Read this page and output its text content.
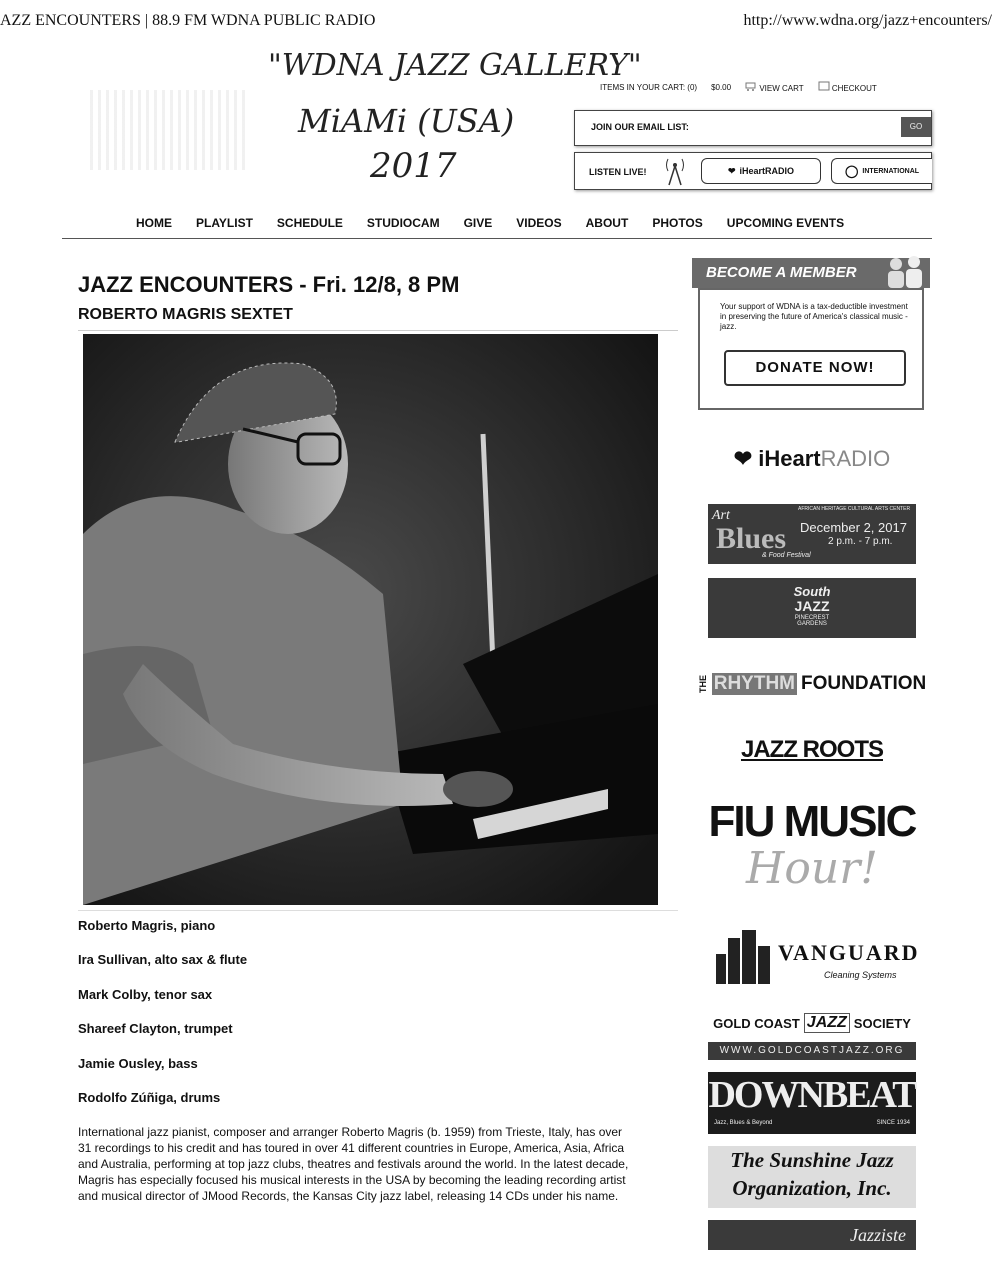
AZZ ENCOUNTERS | 88.9 FM WDNA PUBLIC RADIO	http://www.wdna.org/jazz+encounters/
"WDNA JAZZ GALLERY"
MiAMi (USA)
2017
ITEMS IN YOUR CART: (0) $0.00	VIEW CART	CHECKOUT
JOIN OUR EMAIL LIST:	GO
LISTEN LIVE!	❤ iHeartRADIO	◯ INTERNATIONAL
HOME PLAYLIST SCHEDULE STUDIOCAM GIVE VIDEOS ABOUT PHOTOS UPCOMING EVENTS
JAZZ ENCOUNTERS - Fri. 12/8, 8 PM
ROBERTO MAGRIS SEXTET
Roberto Magris, piano
Ira Sullivan, alto sax & flute
Mark Colby, tenor sax
Shareef Clayton, trumpet
Jamie Ousley, bass
Rodolfo Zúñiga, drums
International jazz pianist, composer and arranger Roberto Magris (b. 1959) from Trieste, Italy, has over 31 recordings to his credit and has toured in over 41 different countries in Europe, America, Asia, Africa and Australia, performing at top jazz clubs, theatres and festivals around the world. In the latest decade, Magris has especially focused his musical interests in the USA by becoming the leading recording artist and musical director of JMood Records, the Kansas City jazz label, releasing 14 CDs under his name.
BECOME A MEMBER
Your support of WDNA is a tax-deductible investment in preserving the future of America's classical music - jazz.
DONATE NOW!
❤ iHeartRADIO
AFRICAN HERITAGE CULTURAL ARTS CENTER
Art
Blues
& Food Festival
December 2, 2017
2 p.m. - 7 p.m.
South
JAZZ
PINECREST GARDENS
THE RHYTHM FOUNDATION
JAZZ ROOTS
FIU MUSIC
Hour!
VANGUARD
Cleaning Systems
GOLD COAST JAZZ SOCIETY
WWW.GOLDCOASTJAZZ.ORG
DOWNBEAT
Jazz, Blues & Beyond	SINCE 1934
The Sunshine Jazz
Organization, Inc.
Jazziste
